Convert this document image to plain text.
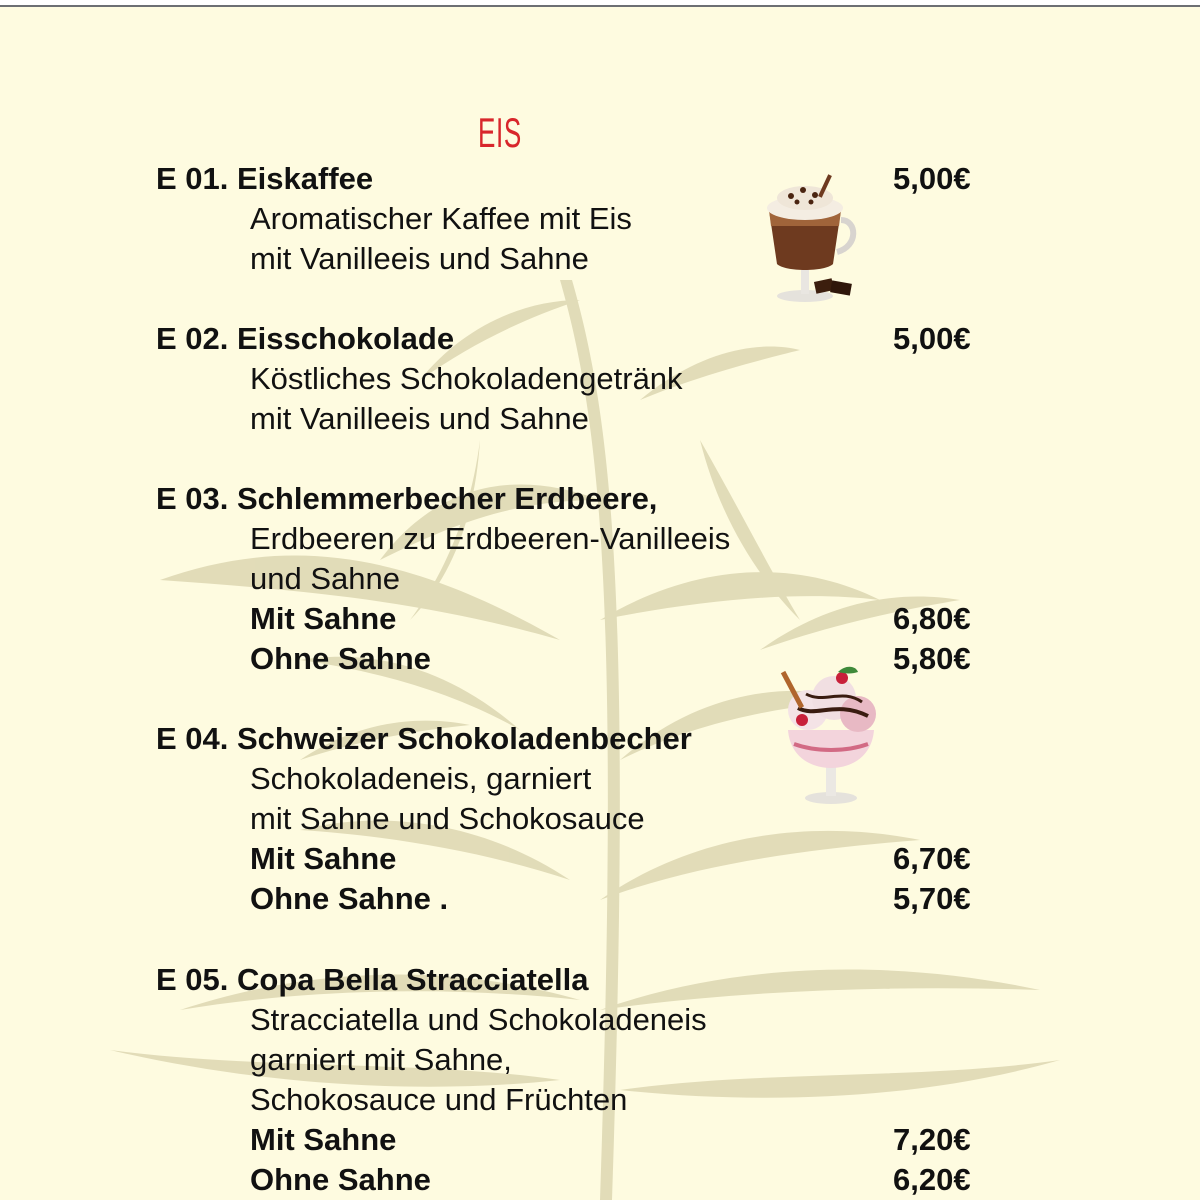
EIS
E 01. Eiskaffee	5,00€
Aromatischer Kaffee mit Eis
mit Vanilleeis und Sahne
E 02. Eisschokolade	5,00€
Köstliches Schokoladengetränk
mit Vanilleeis und Sahne
E 03. Schlemmerbecher Erdbeere,
Erdbeeren zu Erdbeeren-Vanilleeis
und Sahne
Mit Sahne	6,80€
Ohne Sahne	5,80€
E 04. Schweizer Schokoladenbecher
Schokoladeneis, garniert
mit Sahne und Schokosauce
Mit Sahne	6,70€
Ohne Sahne .	5,70€
E 05. Copa Bella Stracciatella
Stracciatella und Schokoladeneis
garniert mit Sahne,
Schokosauce und Früchten
Mit Sahne	7,20€
Ohne Sahne	6,20€
